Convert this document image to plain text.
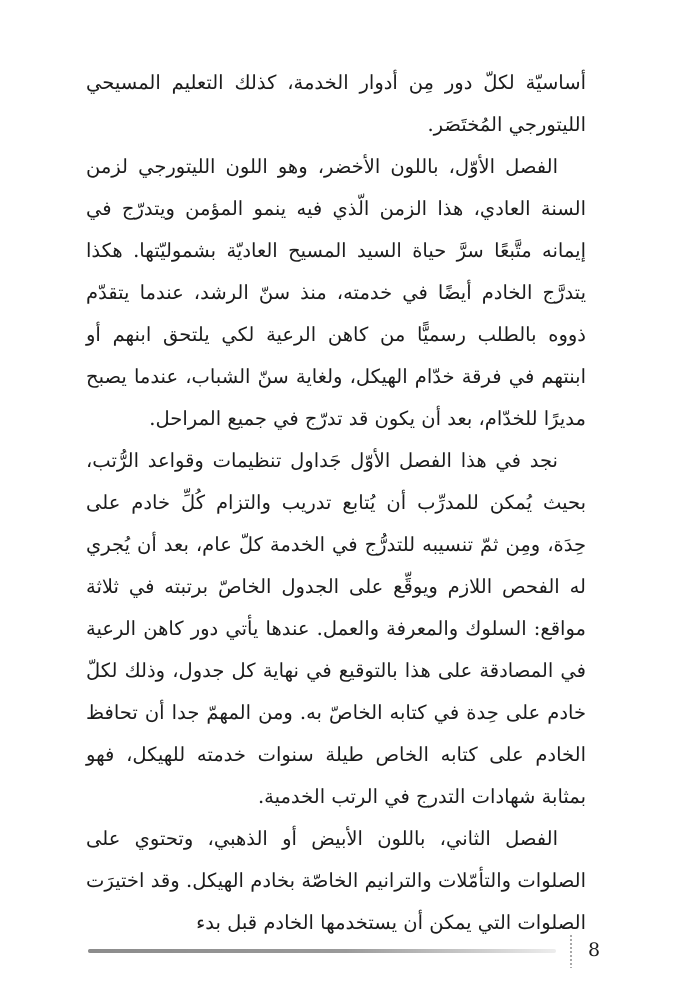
أساسيّة لكلّ دور مِن أدوار الخدمة، كذلك التعليم المسيحي الليتورجي المُختَصَر.

الفصل الأوّل، باللون الأخضر، وهو اللون الليتورجي لزمن السنة العادي، هذا الزمن الّذي فيه ينمو المؤمن ويتدرّج في إيمانه متَّبعًا سرَّ حياة السيد المسيح العاديّة بشموليّتها. هكذا يتدرَّج الخادم أيضًا في خدمته، منذ سنّ الرشد، عندما يتقدّم ذووه بالطلب رسميًّا من كاهن الرعية لكي يلتحق ابنهم أو ابنتهم في فرقة خدّام الهيكل، ولغاية سنّ الشباب، عندما يصبح مديرًا للخدّام، بعد أن يكون قد تدرّج في جميع المراحل.

نجد في هذا الفصل الأوّل جَداول تنظيمات وقواعد الرُّتب، بحيث يُمكن للمدرِّب أن يُتابع تدريب والتزام كُلِّ خادم على حِدَة، ومِن ثمّ تنسيبه للتدرُّج في الخدمة كلّ عام، بعد أن يُجري له الفحص اللازم ويوقِّع على الجدول الخاصّ برتبته في ثلاثة مواقع: السلوك والمعرفة والعمل. عندها يأتي دور كاهن الرعية في المصادقة على هذا بالتوقيع في نهاية كل جدول، وذلك لكلّ خادم على حِدة في كتابه الخاصّ به. ومن المهمّ جدا أن تحافظ الخادم على كتابه الخاص طيلة سنوات خدمته للهيكل، فهو بمثابة شهادات التدرج في الرتب الخدمية.

الفصل الثاني، باللون الأبيض أو الذهبي، وتحتوي على الصلوات والتأمّلات والترانيم الخاصّة بخادم الهيكل. وقد اختيرَت الصلوات التي يمكن أن يستخدمها الخادم قبل بدء

8
